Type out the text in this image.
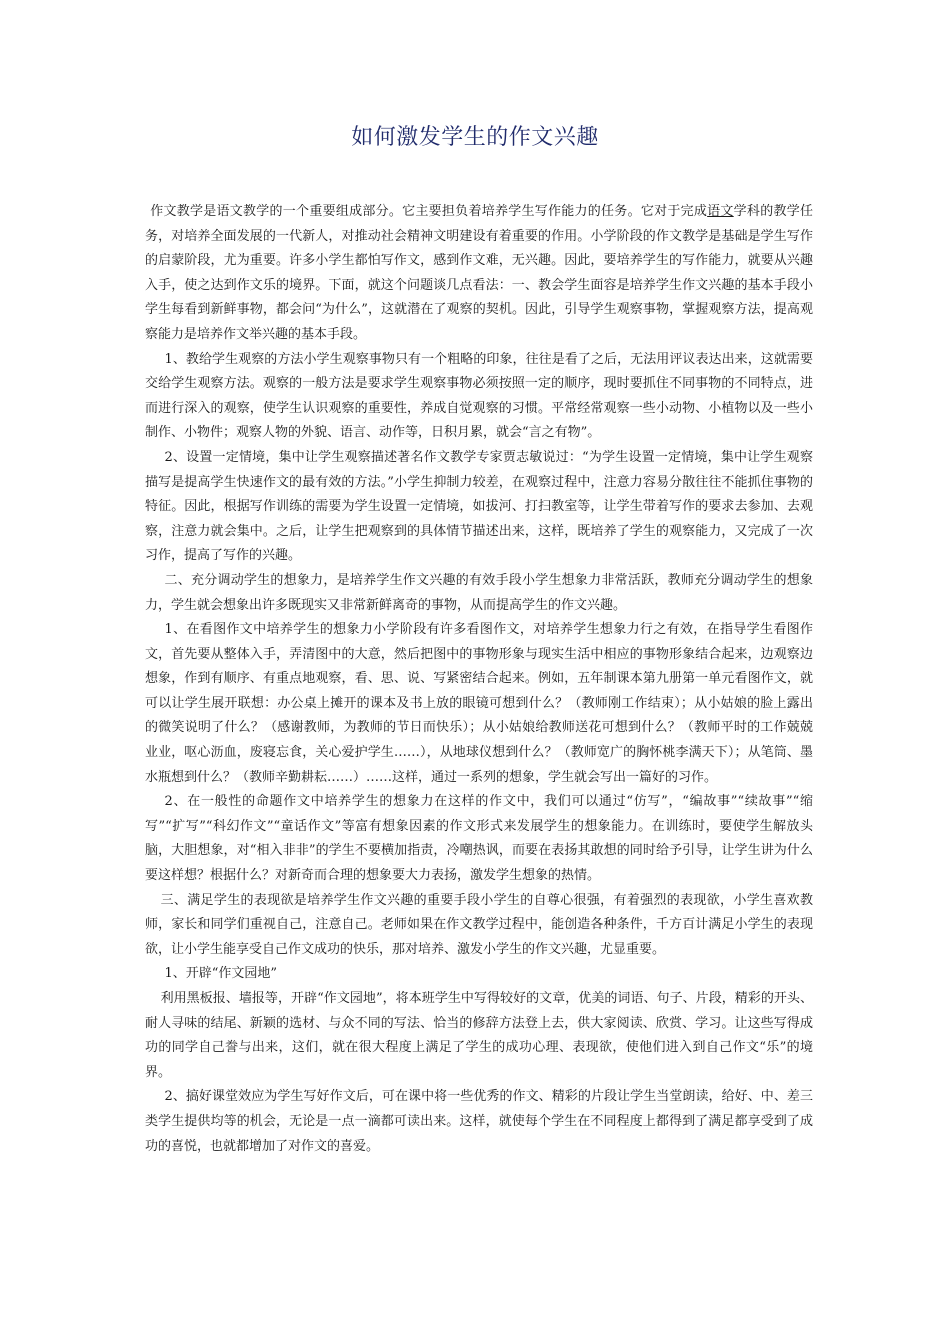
如何激发学生的作文兴趣

作文教学是语文教学的一个重要组成部分。它主要担负着培养学生写作能力的任务。它对于完成语文学科的教学任务，对培养全面发展的一代新人，对推动社会精神文明建设有着重要的作用。小学阶段的作文教学是基础是学生写作的启蒙阶段，尤为重要。许多小学生都怕写作文，感到作文难，无兴趣。因此，要培养学生的写作能力，就要从兴趣入手，使之达到作文乐的境界。下面，就这个问题谈几点看法：一、教会学生面容是培养学生作文兴趣的基本手段小学生每看到新鲜事物，都会问“为什么”，这就潜在了观察的契机。因此，引导学生观察事物，掌握观察方法，提高观察能力是培养作文举兴趣的基本手段。

1、教给学生观察的方法小学生观察事物只有一个粗略的印象，往往是看了之后，无法用评议表达出来，这就需要交给学生观察方法。观察的一般方法是要求学生观察事物必须按照一定的顺序，现时要抓住不同事物的不同特点，进而进行深入的观察，使学生认识观察的重要性，养成自觉观察的习惯。平常经常观察一些小动物、小植物以及一些小制作、小物件；观察人物的外貌、语言、动作等，日积月累，就会“言之有物”。

2、设置一定情境，集中让学生观察描述著名作文教学专家贾志敏说过：“为学生设置一定情境，集中让学生观察描写是提高学生快速作文的最有效的方法。”小学生抑制力较差，在观察过程中，注意力容易分散往往不能抓住事物的特征。因此，根据写作训练的需要为学生设置一定情境，如拔河、打扫教室等，让学生带着写作的要求去参加、去观察，注意力就会集中。之后，让学生把观察到的具体情节描述出来，这样，既培养了学生的观察能力，又完成了一次习作，提高了写作的兴趣。

二、充分调动学生的想象力，是培养学生作文兴趣的有效手段小学生想象力非常活跃，教师充分调动学生的想象力，学生就会想象出许多既现实又非常新鲜离奇的事物，从而提高学生的作文兴趣。

1、在看图作文中培养学生的想象力小学阶段有许多看图作文，对培养学生想象力行之有效，在指导学生看图作文，首先要从整体入手，弄清图中的大意，然后把图中的事物形象与现实生活中相应的事物形象结合起来，边观察边想象，作到有顺序、有重点地观察，看、思、说、写紧密结合起来。例如，五年制课本第九册第一单元看图作文，就可以让学生展开联想：办公桌上摊开的课本及书上放的眼镜可想到什么？（教师刚工作结束）；从小姑娘的脸上露出的微笑说明了什么？（感谢教师，为教师的节日而快乐）；从小姑娘给教师送花可想到什么？（教师平时的工作兢兢业业，呕心沥血，废寝忘食，关心爱护学生……），从地球仪想到什么？（教师宽广的胸怀桃李满天下）；从笔筒、墨水瓶想到什么？（教师辛勤耕耘……）……这样，通过一系列的想象，学生就会写出一篇好的习作。

2、在一般性的命题作文中培养学生的想象力在这样的作文中，我们可以通过“仿写”，“编故事”“续故事”“缩写”“扩写”“科幻作文”“童话作文”等富有想象因素的作文形式来发展学生的想象能力。在训练时，要使学生解放头脑，大胆想象，对“相入非非”的学生不要横加指责，冷嘲热讽，而要在表扬其敢想的同时给予引导，让学生讲为什么要这样想？根据什么？对新奇而合理的想象要大力表扬，激发学生想象的热情。

三、满足学生的表现欲是培养学生作文兴趣的重要手段小学生的自尊心很强，有着强烈的表现欲，小学生喜欢教师，家长和同学们重视自己，注意自己。老师如果在作文教学过程中，能创造各种条件，千方百计满足小学生的表现欲，让小学生能享受自己作文成功的快乐，那对培养、激发小学生的作文兴趣，尤显重要。

1、开辟“作文园地”

利用黑板报、墙报等，开辟“作文园地”，将本班学生中写得较好的文章，优美的词语、句子、片段，精彩的开头、耐人寻味的结尾、新颖的选材、与众不同的写法、恰当的修辞方法登上去，供大家阅读、欣赏、学习。让这些写得成功的同学自己誊与出来，这们，就在很大程度上满足了学生的成功心理、表现欲，使他们进入到自己作文“乐”的境界。

2、搞好课堂效应为学生写好作文后，可在课中将一些优秀的作文、精彩的片段让学生当堂朗读，给好、中、差三类学生提供均等的机会，无论是一点一滴都可读出来。这样，就使每个学生在不同程度上都得到了满足都享受到了成功的喜悦，也就都增加了对作文的喜爱。
